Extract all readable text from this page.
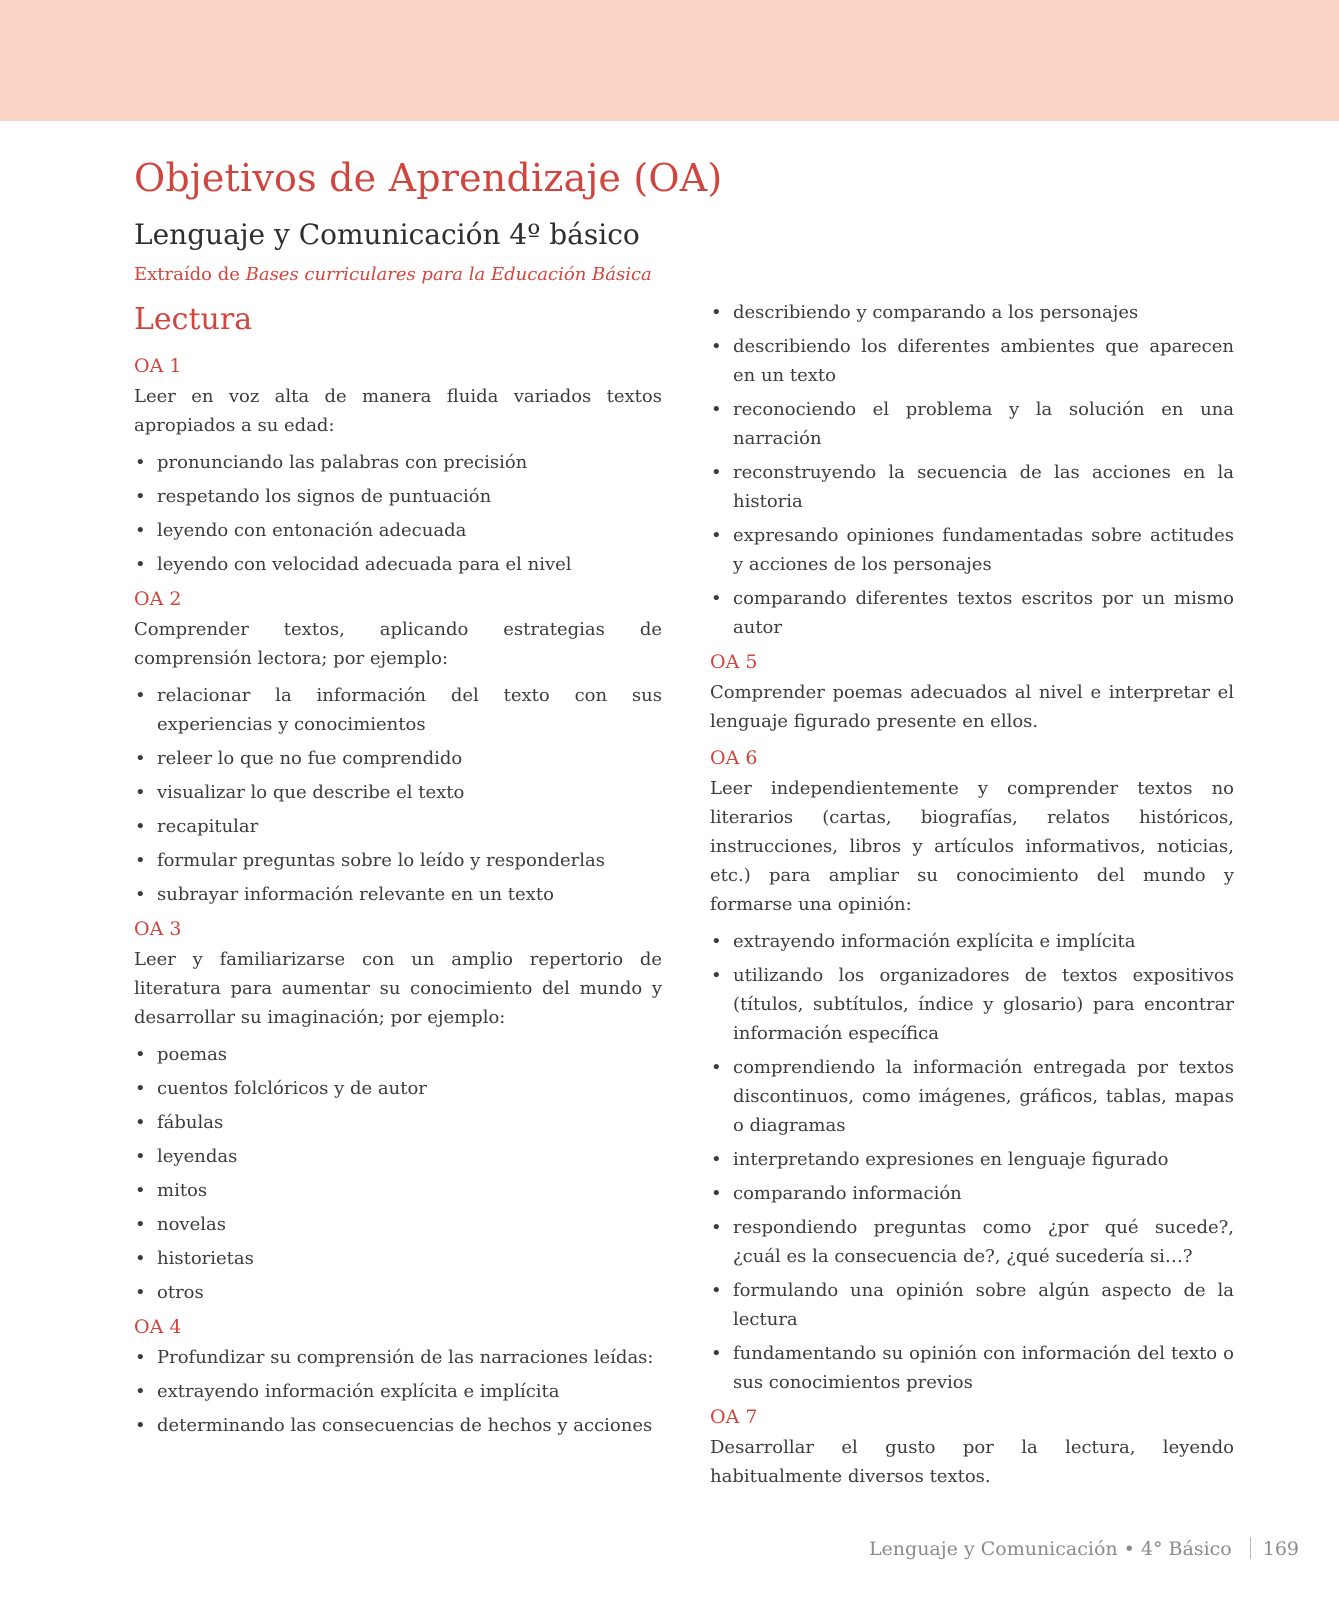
Objetivos de Aprendizaje (OA)
Lenguaje y Comunicación 4º básico
Extraído de Bases curriculares para la Educación Básica
Lectura
OA 1

Leer en voz alta de manera fluida variados textos apropiados a su edad:

• pronunciando las palabras con precisión
• respetando los signos de puntuación
• leyendo con entonación adecuada
• leyendo con velocidad adecuada para el nivel
OA 2

Comprender textos, aplicando estrategias de comprensión lectora; por ejemplo:

• relacionar la información del texto con sus experiencias y conocimientos
• releer lo que no fue comprendido
• visualizar lo que describe el texto
• recapitular
• formular preguntas sobre lo leído y responderlas
• subrayar información relevante en un texto
OA 3

Leer y familiarizarse con un amplio repertorio de literatura para aumentar su conocimiento del mundo y desarrollar su imaginación; por ejemplo:

• poemas
• cuentos folclóricos y de autor
• fábulas
• leyendas
• mitos
• novelas
• historietas
• otros
OA 4
• Profundizar su comprensión de las narraciones leídas:
• extrayendo información explícita e implícita
• determinando las consecuencias de hechos y acciones
• describiendo y comparando a los personajes
• describiendo los diferentes ambientes que aparecen en un texto
• reconociendo el problema y la solución en una narración
• reconstruyendo la secuencia de las acciones en la historia
• expresando opiniones fundamentadas sobre actitudes y acciones de los personajes
• comparando diferentes textos escritos por un mismo autor
OA 5

Comprender poemas adecuados al nivel e interpretar el lenguaje figurado presente en ellos.

OA 6

Leer independientemente y comprender textos no literarios (cartas, biografías, relatos históricos, instrucciones, libros y artículos informativos, noticias, etc.) para ampliar su conocimiento del mundo y formarse una opinión:

• extrayendo información explícita e implícita
• utilizando los organizadores de textos expositivos (títulos, subtítulos, índice y glosario) para encontrar información específica
• comprendiendo la información entregada por textos discontinuos, como imágenes, gráficos, tablas, mapas o diagramas
• interpretando expresiones en lenguaje figurado
• comparando información
• respondiendo preguntas como ¿por qué sucede?, ¿cuál es la consecuencia de?, ¿qué sucedería si…?
• formulando una opinión sobre algún aspecto de la lectura
• fundamentando su opinión con información del texto o sus conocimientos previos
OA 7

Desarrollar el gusto por la lectura, leyendo habitualmente diversos textos.

Lenguaje y Comunicación • 4° Básico 169
